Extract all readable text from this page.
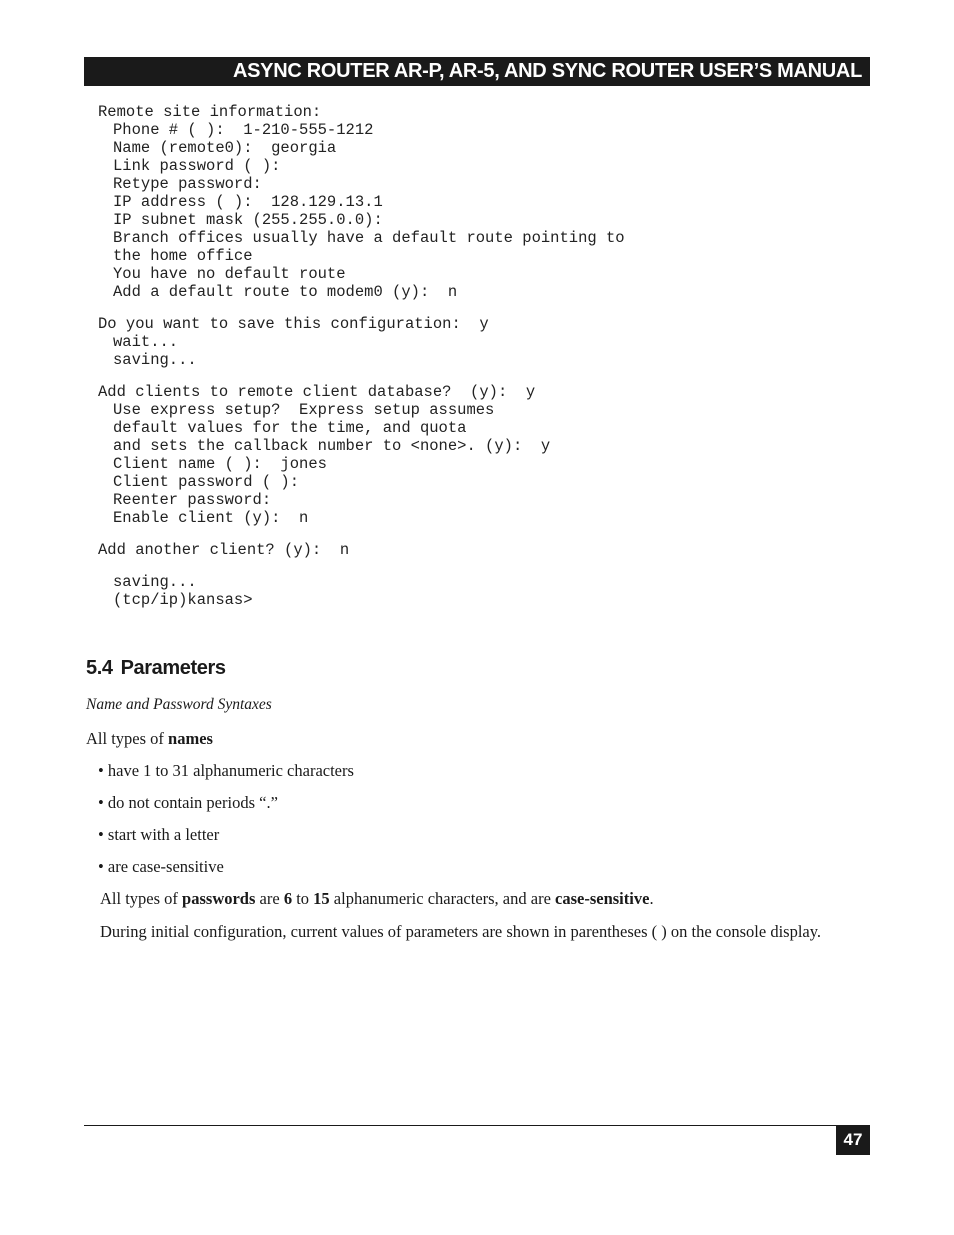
ASYNC ROUTER AR-P, AR-5, AND SYNC ROUTER USER’S MANUAL
Remote site information:
Phone # ( ):  1-210-555-1212
Name (remote0):  georgia
Link password ( ):
Retype password:
IP address ( ):  128.129.13.1
IP subnet mask (255.255.0.0):
Branch offices usually have a default route pointing to
the home office
You have no default route
Add a default route to modem0 (y):  n
Do you want to save this configuration:  y
wait...
saving...
Add clients to remote client database?  (y):  y
Use express setup?  Express setup assumes
default values for the time, and quota
and sets the callback number to <none>. (y):  y
Client name ( ):  jones
Client password ( ):
Reenter password:
Enable client (y):  n
Add another client? (y):  n
saving...
(tcp/ip)kansas>
5.4 Parameters
Name and Password Syntaxes
All types of names
• have 1 to 31 alphanumeric characters
• do not contain periods “.”
• start with a letter
• are case-sensitive
All types of passwords are 6 to 15 alphanumeric characters, and are case-sensitive.
During initial configuration, current values of parameters are shown in parentheses ( ) on the console display.
47
